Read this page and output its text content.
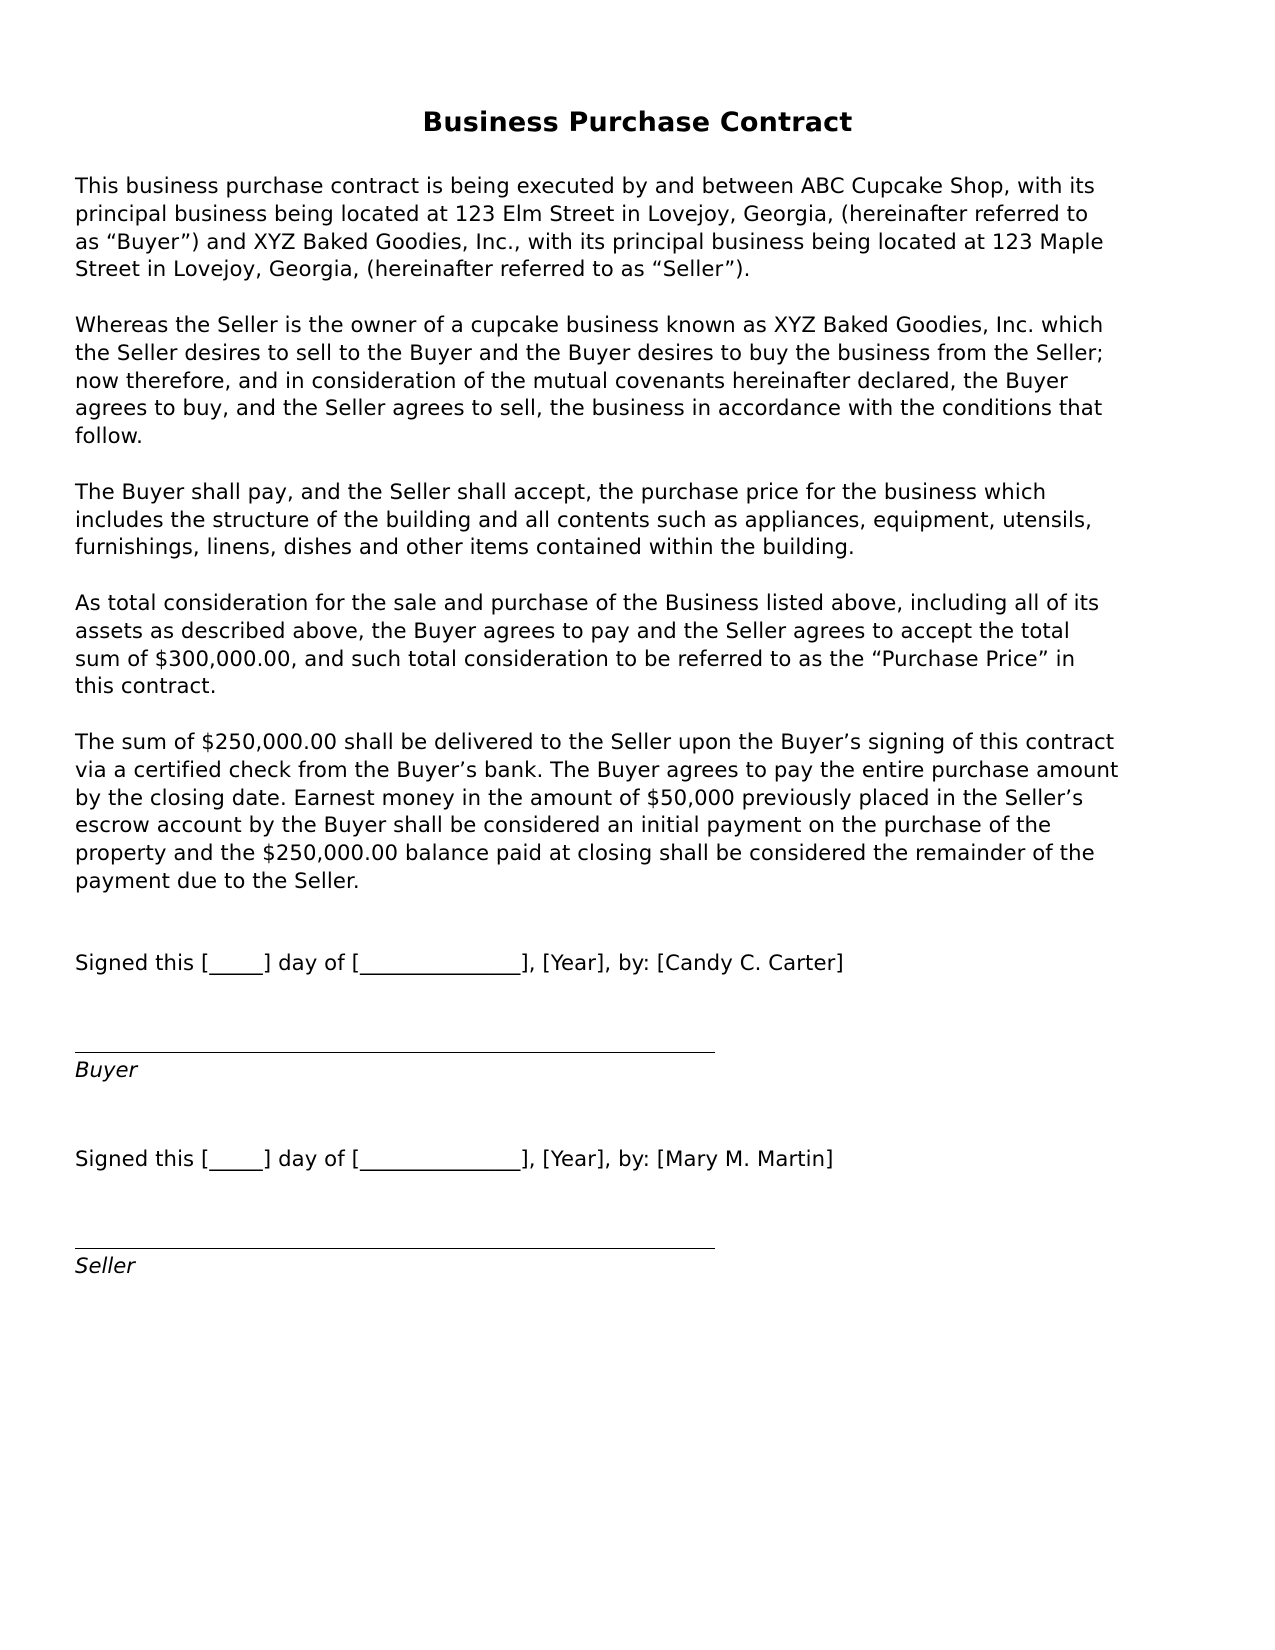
Business Purchase Contract

This business purchase contract is being executed by and between ABC Cupcake Shop, with its
principal business being located at 123 Elm Street in Lovejoy, Georgia, (hereinafter referred to
as “Buyer”) and XYZ Baked Goodies, Inc., with its principal business being located at 123 Maple
Street in Lovejoy, Georgia, (hereinafter referred to as “Seller”).

Whereas the Seller is the owner of a cupcake business known as XYZ Baked Goodies, Inc. which
the Seller desires to sell to the Buyer and the Buyer desires to buy the business from the Seller;
now therefore, and in consideration of the mutual covenants hereinafter declared, the Buyer
agrees to buy, and the Seller agrees to sell, the business in accordance with the conditions that
follow.

The Buyer shall pay, and the Seller shall accept, the purchase price for the business which
includes the structure of the building and all contents such as appliances, equipment, utensils,
furnishings, linens, dishes and other items contained within the building.

As total consideration for the sale and purchase of the Business listed above, including all of its
assets as described above, the Buyer agrees to pay and the Seller agrees to accept the total
sum of $300,000.00, and such total consideration to be referred to as the “Purchase Price” in
this contract.

The sum of $250,000.00 shall be delivered to the Seller upon the Buyer’s signing of this contract
via a certified check from the Buyer’s bank. The Buyer agrees to pay the entire purchase amount
by the closing date. Earnest money in the amount of $50,000 previously placed in the Seller’s
escrow account by the Buyer shall be considered an initial payment on the purchase of the
property and the $250,000.00 balance paid at closing shall be considered the remainder of the
payment due to the Seller.

Signed this [_____] day of [_______________], [Year], by: [Candy C. Carter]
Buyer
Signed this [_____] day of [_______________], [Year], by: [Mary M. Martin]
Seller
